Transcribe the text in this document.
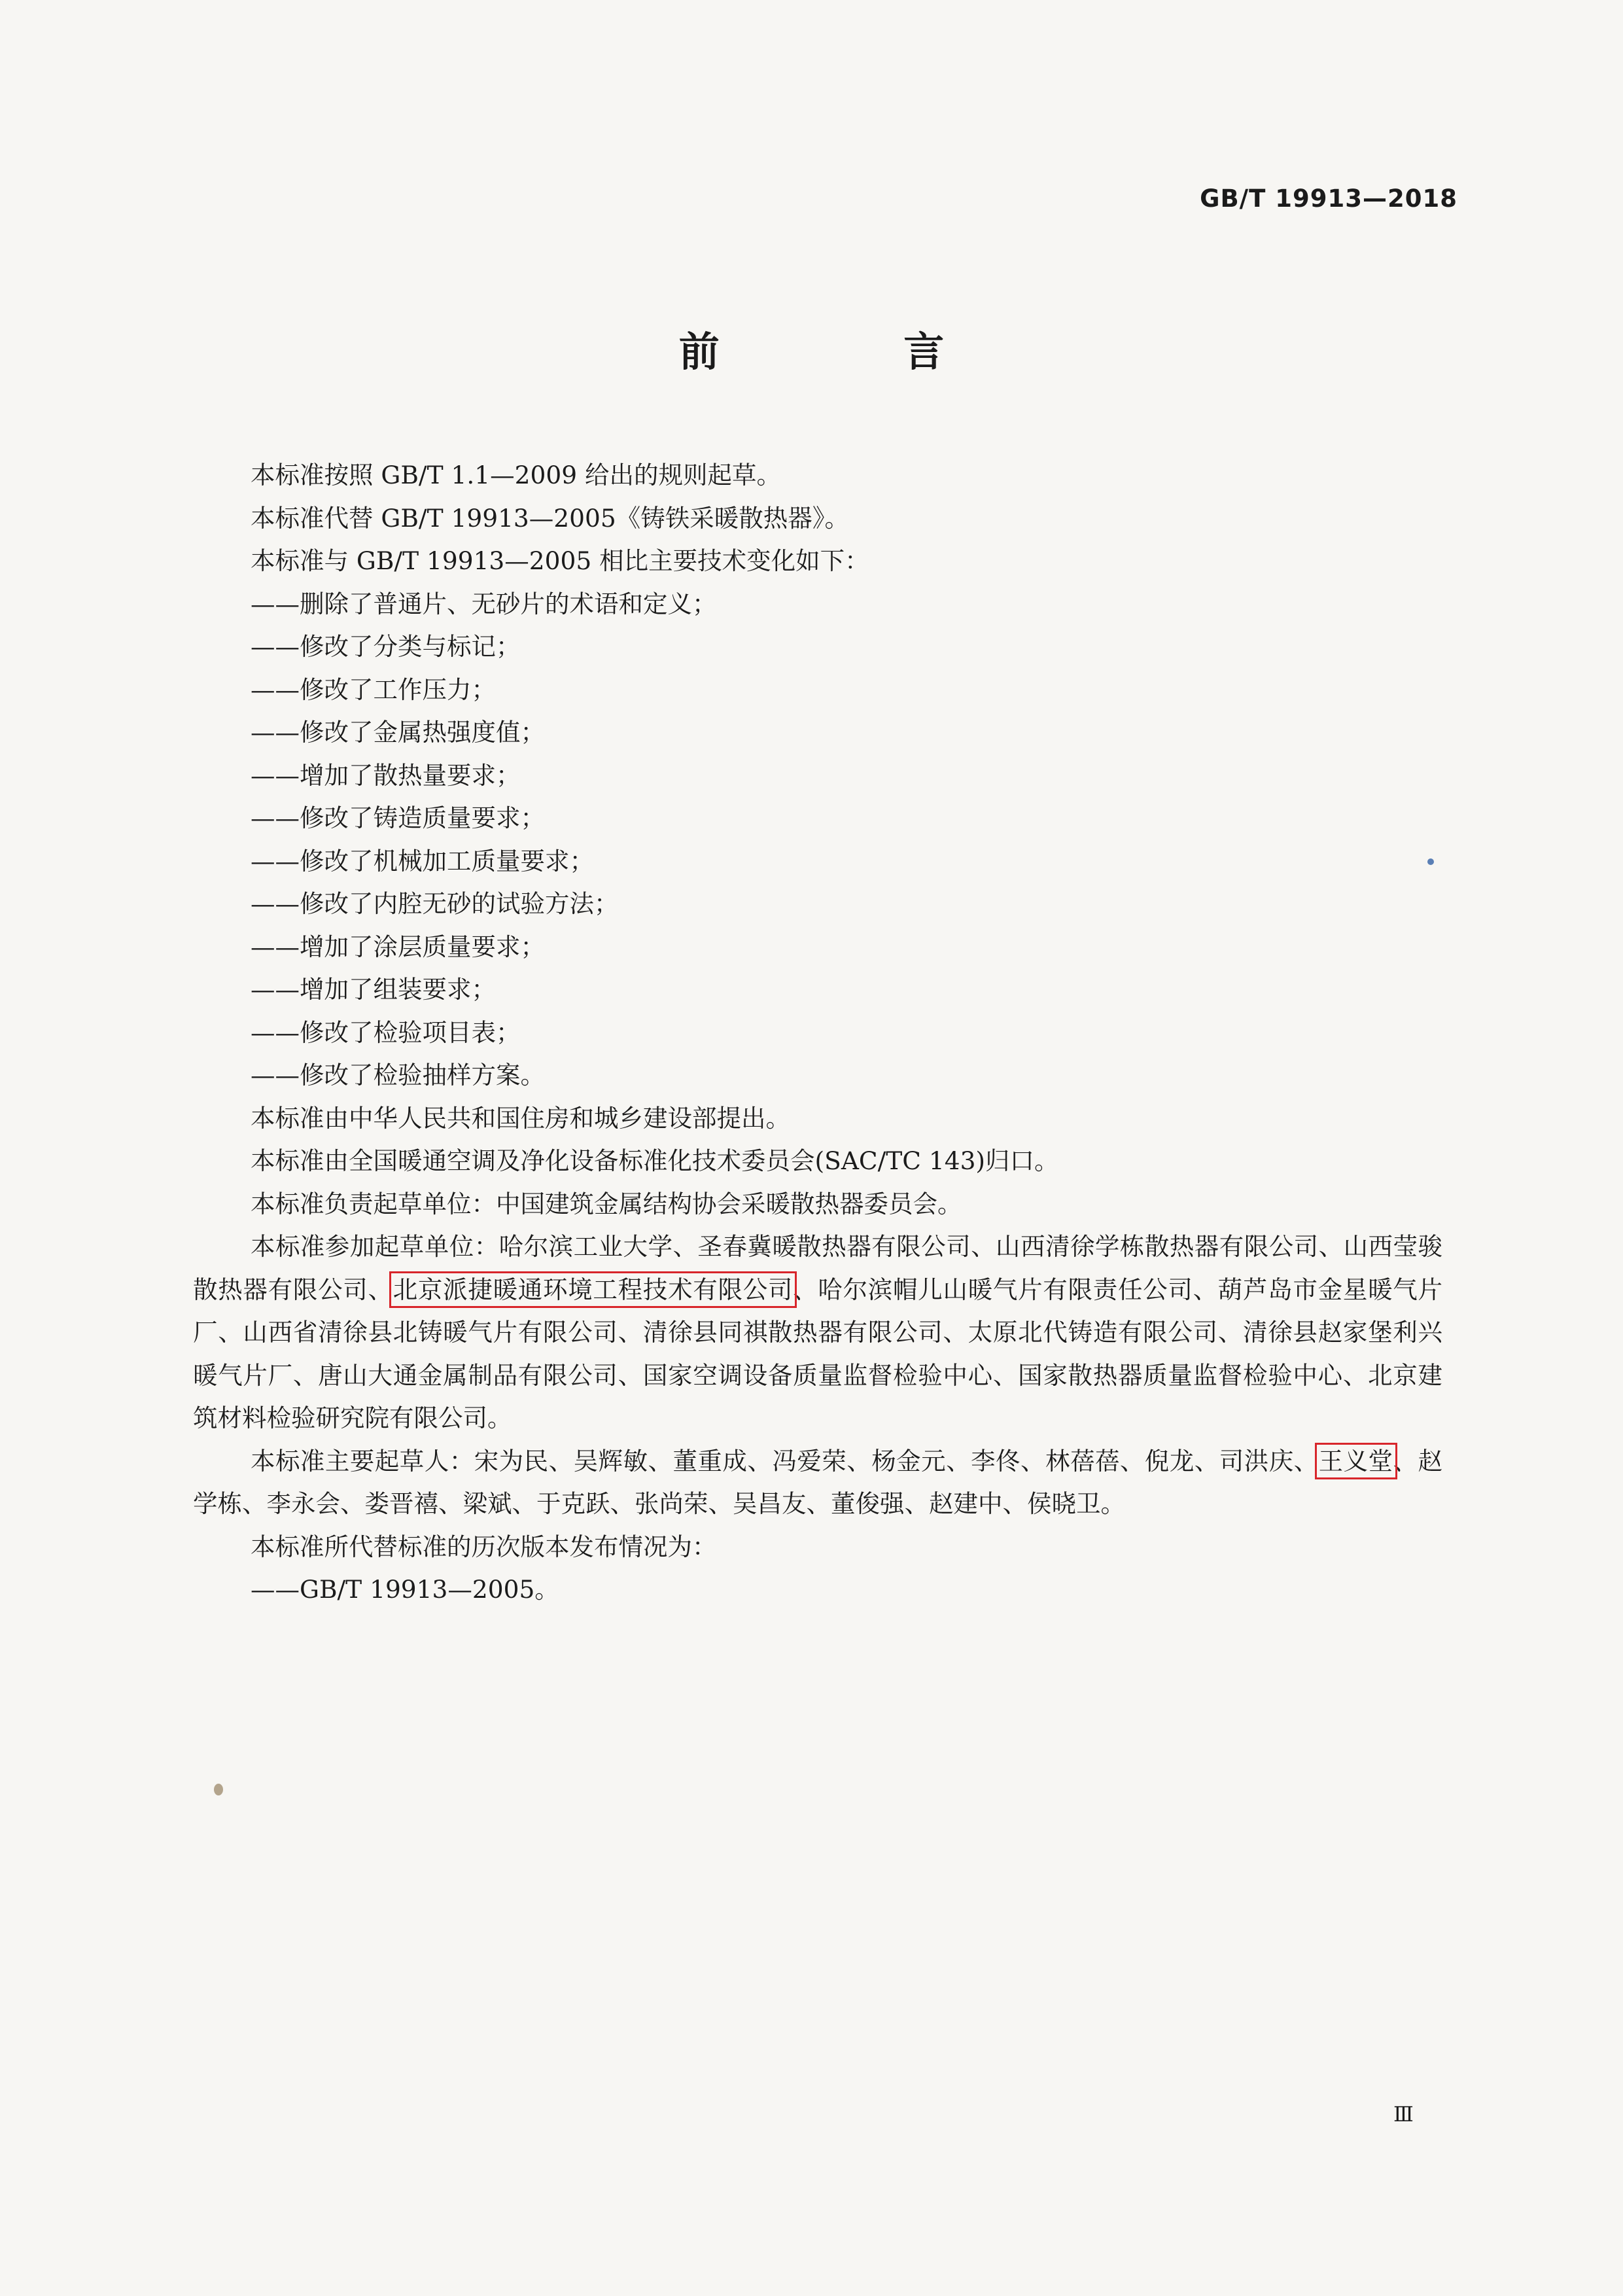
GB/T 19913—2018
前 言

本标准按照 GB/T 1.1—2009 给出的规则起草。

本标准代替 GB/T 19913—2005《铸铁采暖散热器》。

本标准与 GB/T 19913—2005 相比主要技术变化如下：

—— 删除了普通片、无砂片的术语和定义；

—— 修改了分类与标记；

—— 修改了工作压力；

—— 修改了金属热强度值；

—— 增加了散热量要求；

—— 修改了铸造质量要求；

—— 修改了机械加工质量要求；

—— 修改了内腔无砂的试验方法；

—— 增加了涂层质量要求；

—— 增加了组装要求；

—— 修改了检验项目表；

—— 修改了检验抽样方案。

本标准由中华人民共和国住房和城乡建设部提出。

本标准由全国暖通空调及净化设备标准化技术委员会(SAC/TC 143)归口。

本标准负责起草单位：中国建筑金属结构协会采暖散热器委员会。

本标准参加起草单位：哈尔滨工业大学、圣春冀暖散热器有限公司、山西清徐学栋散热器有限公司、山西莹骏散热器有限公司、北京派捷暖通环境工程技术有限公司、哈尔滨帽儿山暖气片有限责任公司、葫芦岛市金星暖气片厂、山西省清徐县北铸暖气片有限公司、清徐县同祺散热器有限公司、太原北代铸造有限公司、清徐县赵家堡利兴暖气片厂、唐山大通金属制品有限公司、国家空调设备质量监督检验中心、国家散热器质量监督检验中心、北京建筑材料检验研究院有限公司。

本标准主要起草人：宋为民、吴辉敏、董重成、冯爱荣、杨金元、李佟、林蓓蓓、倪龙、司洪庆、王义堂、赵学栋、李永会、娄晋禧、梁斌、于克跃、张尚荣、吴昌友、董俊强、赵建中、侯晓卫。

本标准所代替标准的历次版本发布情况为：

—— GB/T 19913—2005。

Ⅲ
